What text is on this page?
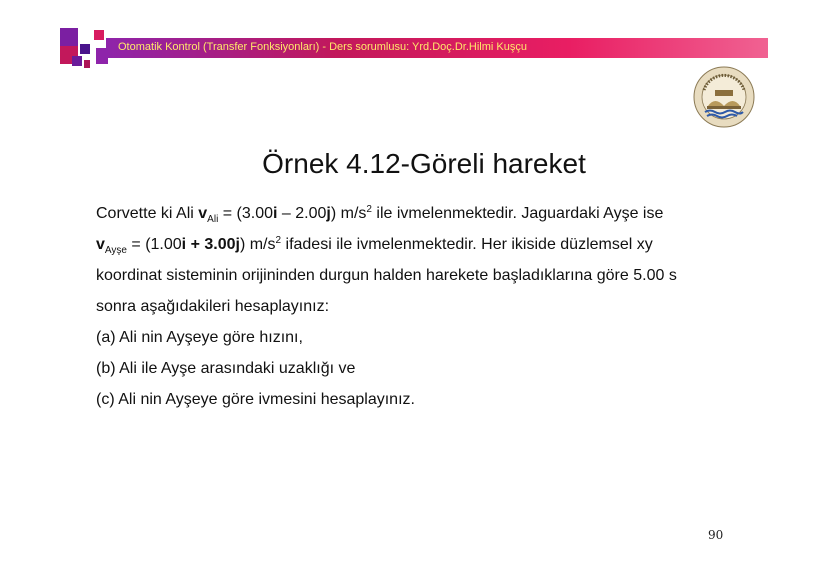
Otomatik Kontrol (Transfer Fonksiyonları) - Ders sorumlusu: Yrd.Doç.Dr.Hilmi Kuşçu
Örnek 4.12-Göreli hareket

Corvette ki Ali $v_{Ali} = (3.00i - 2.00j)$ $m/s^2$ ile ivmelenmektedir. Jaguardaki Ayşe ise

$v_{Ayşe} = (1.00i + 3.00j)$ $m/s^2$ ifadesi ile ivmelenmektedir. Her ikiside düzlemsel xy

koordinat sisteminin orijininden durgun halden harekete başladıklarına göre 5.00 s

sonra aşağıdakileri hesaplayınız:

(a) Ali nin Ayşeye göre hızını,

(b) Ali ile Ayşe arasındaki uzaklığı ve

(c) Ali nin Ayşeye göre ivmesini hesaplayınız.

90
